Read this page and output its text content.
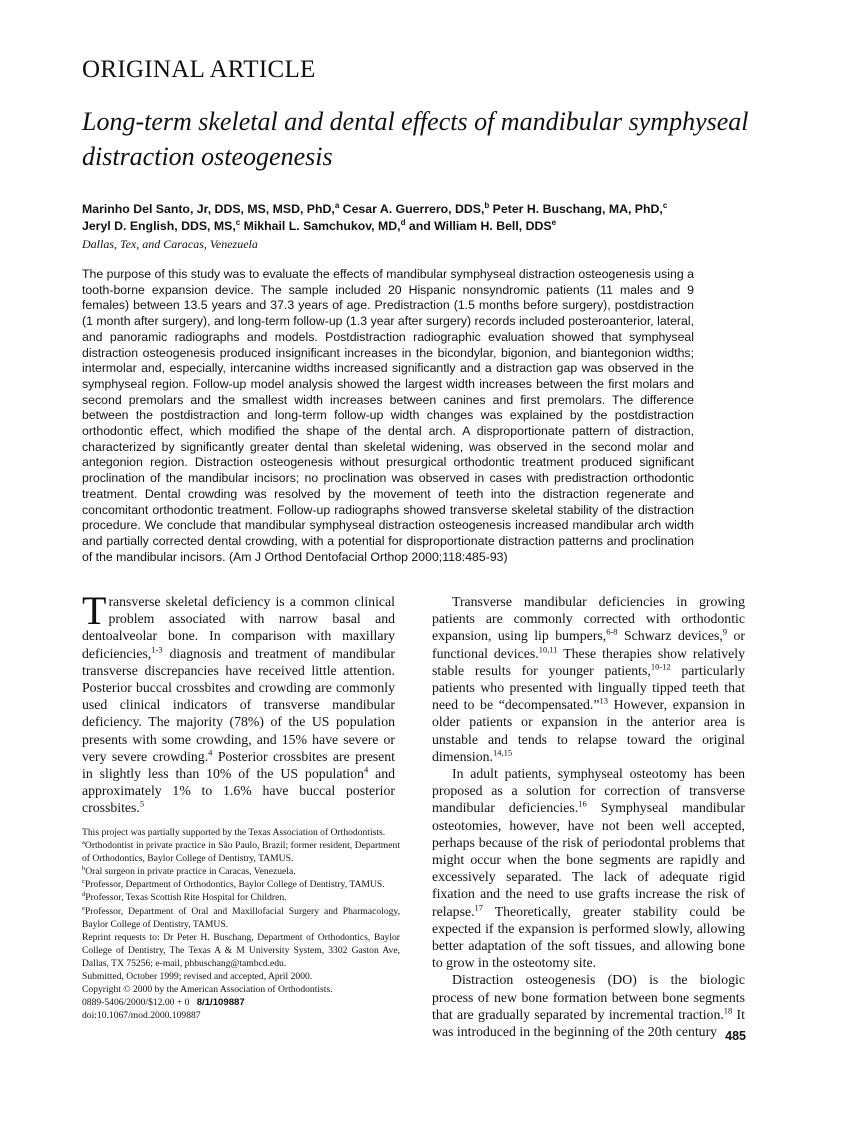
ORIGINAL ARTICLE
Long-term skeletal and dental effects of mandibular symphyseal distraction osteogenesis
Marinho Del Santo, Jr, DDS, MS, MSD, PhD,$^a$ Cesar A. Guerrero, DDS,$^b$ Peter H. Buschang, MA, PhD,$^c$
Jeryl D. English, DDS, MS,$^c$ Mikhail L. Samchukov, MD,$^d$ and William H. Bell, DDS$^e$
Dallas, Tex, and Caracas, Venezuela

The purpose of this study was to evaluate the effects of mandibular symphyseal distraction osteogenesis using a tooth-borne expansion device. The sample included 20 Hispanic nonsyndromic patients (11 males and 9 females) between 13.5 years and 37.3 years of age. Predistraction (1.5 months before surgery), postdistraction (1 month after surgery), and long-term follow-up (1.3 year after surgery) records included posteroanterior, lateral, and panoramic radiographs and models. Postdistraction radiographic evaluation showed that symphyseal distraction osteogenesis produced insignificant increases in the bicondylar, bigonion, and biantegonion widths; intermolar and, especially, intercanine widths increased significantly and a distraction gap was observed in the symphyseal region. Follow-up model analysis showed the largest width increases between the first molars and second premolars and the smallest width increases between canines and first premolars. The difference between the postdistraction and long-term follow-up width changes was explained by the postdistraction orthodontic effect, which modified the shape of the dental arch. A disproportionate pattern of distraction, characterized by significantly greater dental than skeletal widening, was observed in the second molar and antegonion region. Distraction osteogenesis without presurgical orthodontic treatment produced significant proclination of the mandibular incisors; no proclination was observed in cases with predistraction orthodontic treatment. Dental crowding was resolved by the movement of teeth into the distraction regenerate and concomitant orthodontic treatment. Follow-up radiographs showed transverse skeletal stability of the distraction procedure. We conclude that mandibular symphyseal distraction osteogenesis increased mandibular arch width and partially corrected dental crowding, with a potential for disproportionate distraction patterns and proclination of the mandibular incisors. (Am J Orthod Dentofacial Orthop 2000;118:485-93)

Transverse skeletal deficiency is a common clinical problem associated with narrow basal and dentoalveolar bone. In comparison with maxillary deficiencies,$^{1-3}$ diagnosis and treatment of mandibular transverse discrepancies have received little attention. Posterior buccal crossbites and crowding are commonly used clinical indicators of transverse mandibular deficiency. The majority (78%) of the US population presents with some crowding, and 15% have severe or very severe crowding.$^4$ Posterior crossbites are present in slightly less than 10% of the US population$^4$ and approximately 1% to 1.6% have buccal posterior crossbites.$^5$

Transverse mandibular deficiencies in growing patients are commonly corrected with orthodontic expansion, using lip bumpers,$^{6-8}$ Schwarz devices,$^9$ or functional devices.$^{10,11}$ These therapies show relatively stable results for younger patients,$^{10-12}$ particularly patients who presented with lingually tipped teeth that need to be “decompensated.”$^{13}$ However, expansion in older patients or expansion in the anterior area is unstable and tends to relapse toward the original dimension.$^{14,15}$

In adult patients, symphyseal osteotomy has been proposed as a solution for correction of transverse mandibular deficiencies.$^{16}$ Symphyseal mandibular osteotomies, however, have not been well accepted, perhaps because of the risk of periodontal problems that might occur when the bone segments are rapidly and excessively separated. The lack of adequate rigid fixation and the need to use grafts increase the risk of relapse.$^{17}$ Theoretically, greater stability could be expected if the expansion is performed slowly, allowing better adaptation of the soft tissues, and allowing bone to grow in the osteotomy site.

Distraction osteogenesis (DO) is the biologic process of new bone formation between bone segments that are gradually separated by incremental traction.$^{18}$ It was introduced in the beginning of the 20th century

This project was partially supported by the Texas Association of Orthodontists.

$^a$Orthodontist in private practice in São Paulo, Brazil; former resident, Department of Orthodontics, Baylor College of Dentistry, TAMUS.

$^b$Oral surgeon in private practice in Caracas, Venezuela.

$^c$Professor, Department of Orthodontics, Baylor College of Dentistry, TAMUS.

$^d$Professor, Texas Scottish Rite Hospital for Children.

$^e$Professor, Department of Oral and Maxillofacial Surgery and Pharmacology, Baylor College of Dentistry, TAMUS.

Reprint requests to: Dr Peter H. Buschang, Department of Orthodontics, Baylor College of Dentistry, The Texas A & M University System, 3302 Gaston Ave, Dallas, TX 75256; e-mail, phbuschang@tambcd.edu.

Submitted, October 1999; revised and accepted, April 2000.

Copyright © 2000 by the American Association of Orthodontists.

0889-5406/2000/$12.00 + 0 8/1/109887

doi:10.1067/mod.2000.109887

485
